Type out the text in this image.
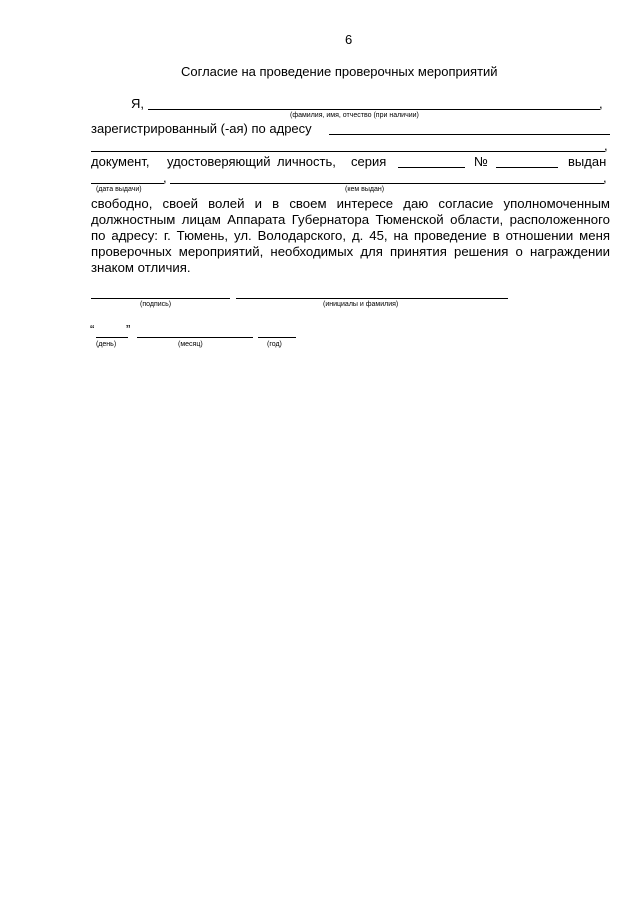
6
Согласие на проведение проверочных мероприятий
Я,	,
(фамилия, имя, отчество (при наличии)
зарегистрированный (-ая) по адресу
,
документ, удостоверяющий личность, серия	№	выдан
,	,
(дата выдачи)	(кем выдан)
свободно, своей волей и в своем интересе даю согласие уполномоченным должностным лицам Аппарата Губернатора Тюменской области, расположенного по адресу: г. Тюмень, ул. Володарского, д. 45, на проведение в отношении меня проверочных мероприятий, необходимых для принятия решения о награждении знаком отличия.
(подпись)	(инициалы и фамилия)
“ ”
(день)	(месяц)	(год)
